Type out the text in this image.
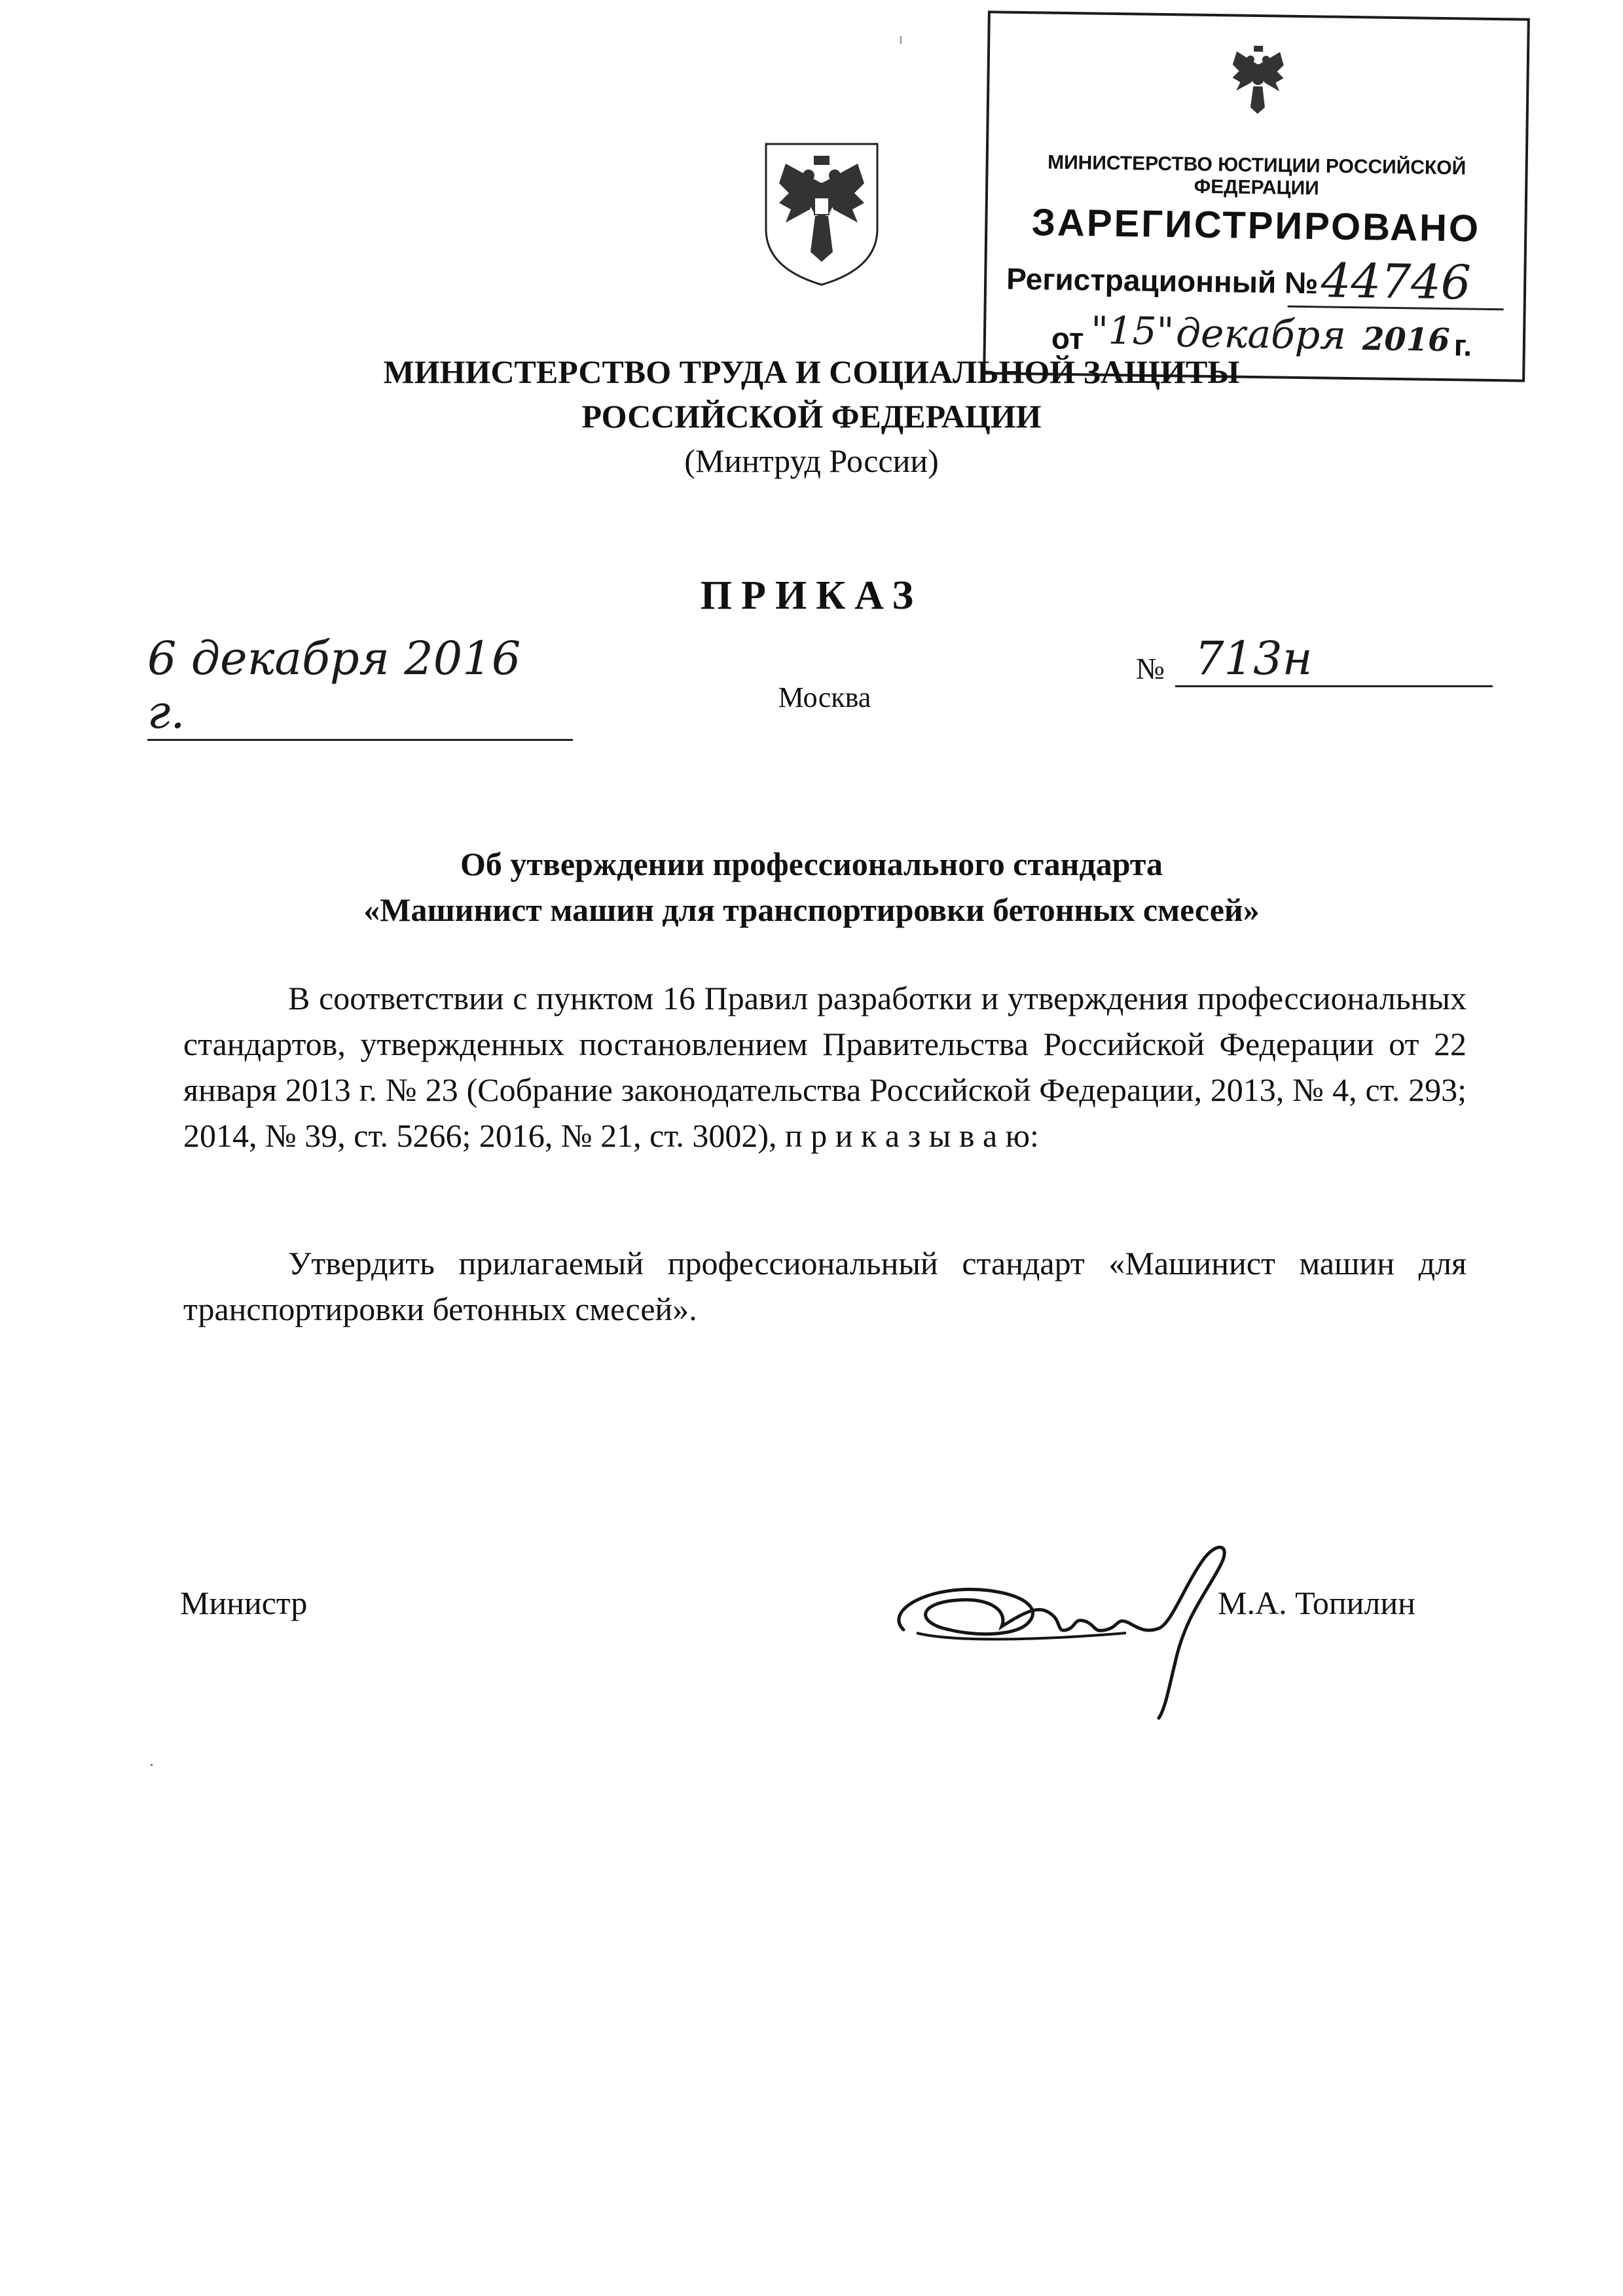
МИНИСТЕРСТВО ЮСТИЦИИ РОССИЙСКОЙ ФЕДЕРАЦИИ
ЗАРЕГИСТРИРОВАНО
Регистрационный № 44746
от "15" декабря 2016 г.
МИНИСТЕРСТВО ТРУДА И СОЦИАЛЬНОЙ ЗАЩИТЫ
РОССИЙСКОЙ ФЕДЕРАЦИИ
(Минтруд России)
ПРИКАЗ
6 декабря 2016 г.
№ 713н
Москва
Об утверждении профессионального стандарта
«Машинист машин для транспортировки бетонных смесей»
В соответствии с пунктом 16 Правил разработки и утверждения профессиональных стандартов, утвержденных постановлением Правительства Российской Федерации от 22 января 2013 г. № 23 (Собрание законодательства Российской Федерации, 2013, № 4, ст. 293; 2014, № 39, ст. 5266; 2016, № 21, ст. 3002), п р и к а з ы в а ю:
Утвердить прилагаемый профессиональный стандарт «Машинист машин для транспортировки бетонных смесей».
Министр	М.А. Топилин
